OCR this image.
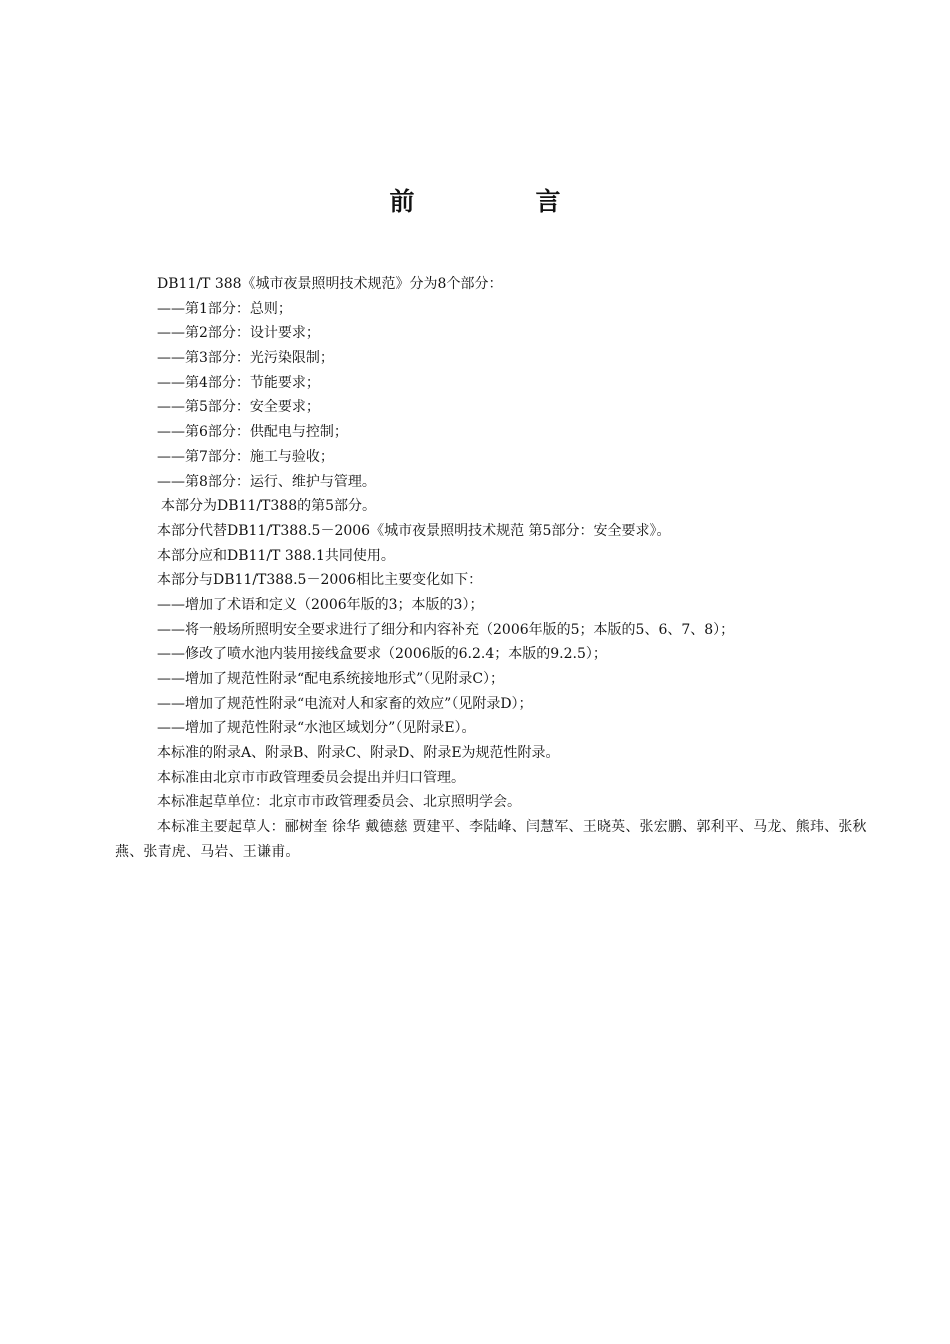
前　言
DB11/T 388《城市夜景照明技术规范》分为8个部分：
——第1部分：总则；
——第2部分：设计要求；
——第3部分：光污染限制；
——第4部分：节能要求；
——第5部分：安全要求；
——第6部分：供配电与控制；
——第7部分：施工与验收；
——第8部分：运行、维护与管理。
本部分为DB11/T388的第5部分。
本部分代替DB11/T388.5－2006《城市夜景照明技术规范 第5部分：安全要求》。
本部分应和DB11/T 388.1共同使用。
本部分与DB11/T388.5－2006相比主要变化如下：
——增加了术语和定义（2006年版的3；本版的3）；
——将一般场所照明安全要求进行了细分和内容补充（2006年版的5；本版的5、6、7、8）；
——修改了喷水池内装用接线盒要求（2006版的6.2.4；本版的9.2.5）；
——增加了规范性附录“配电系统接地形式”（见附录C）；
——增加了规范性附录“电流对人和家畜的效应”（见附录D）；
——增加了规范性附录“水池区域划分”（见附录E）。
本标准的附录A、附录B、附录C、附录D、附录E为规范性附录。
本标准由北京市市政管理委员会提出并归口管理。
本标准起草单位：北京市市政管理委员会、北京照明学会。
本标准主要起草人：郦树奎 徐华 戴德慈 贾建平、李陆峰、闫慧军、王晓英、张宏鹏、郭利平、马龙、熊玮、张秋燕、张青虎、马岩、王谦甫。
